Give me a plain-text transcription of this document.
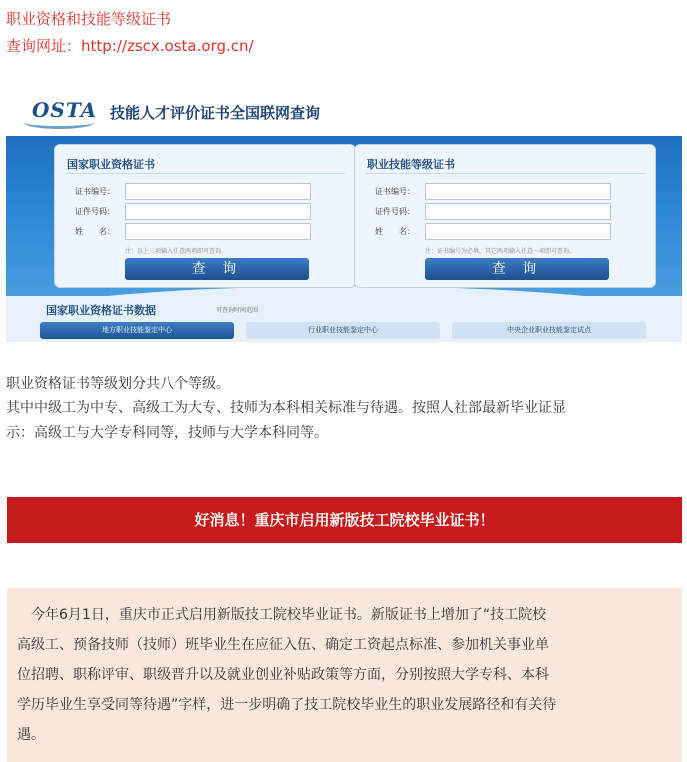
职业资格和技能等级证书
查询网址：http://zscx.osta.org.cn/
OSTA 技能人才评价证书全国联网查询
国家职业资格证书
证书编号：
证件号码：
姓　　名：
注：以上三项输入任意两项即可查询。
查 询
职业技能等级证书
证书编号：
证件号码：
姓　　名：
注：证书编号为必填，其它两项输入任意一项即可查询。
查 询
国家职业资格证书数据	可查询时间范围
地方职业技能鉴定中心	行业职业技能鉴定中心	中央企业职业技能鉴定试点
职业资格证书等级划分共八个等级。
其中中级工为中专、高级工为大专、技师为本科相关标准与待遇。按照人社部最新毕业证显
示：高级工与大学专科同等，技师与大学本科同等。
好消息！重庆市启用新版技工院校毕业证书！
　今年6月1日，重庆市正式启用新版技工院校毕业证书。新版证书上增加了“技工院校
高级工、预备技师（技师）班毕业生在应征入伍、确定工资起点标准、参加机关事业单
位招聘、职称评审、职级晋升以及就业创业补贴政策等方面，分别按照大学专科、本科
学历毕业生享受同等待遇”字样，进一步明确了技工院校毕业生的职业发展路径和有关待
遇。
